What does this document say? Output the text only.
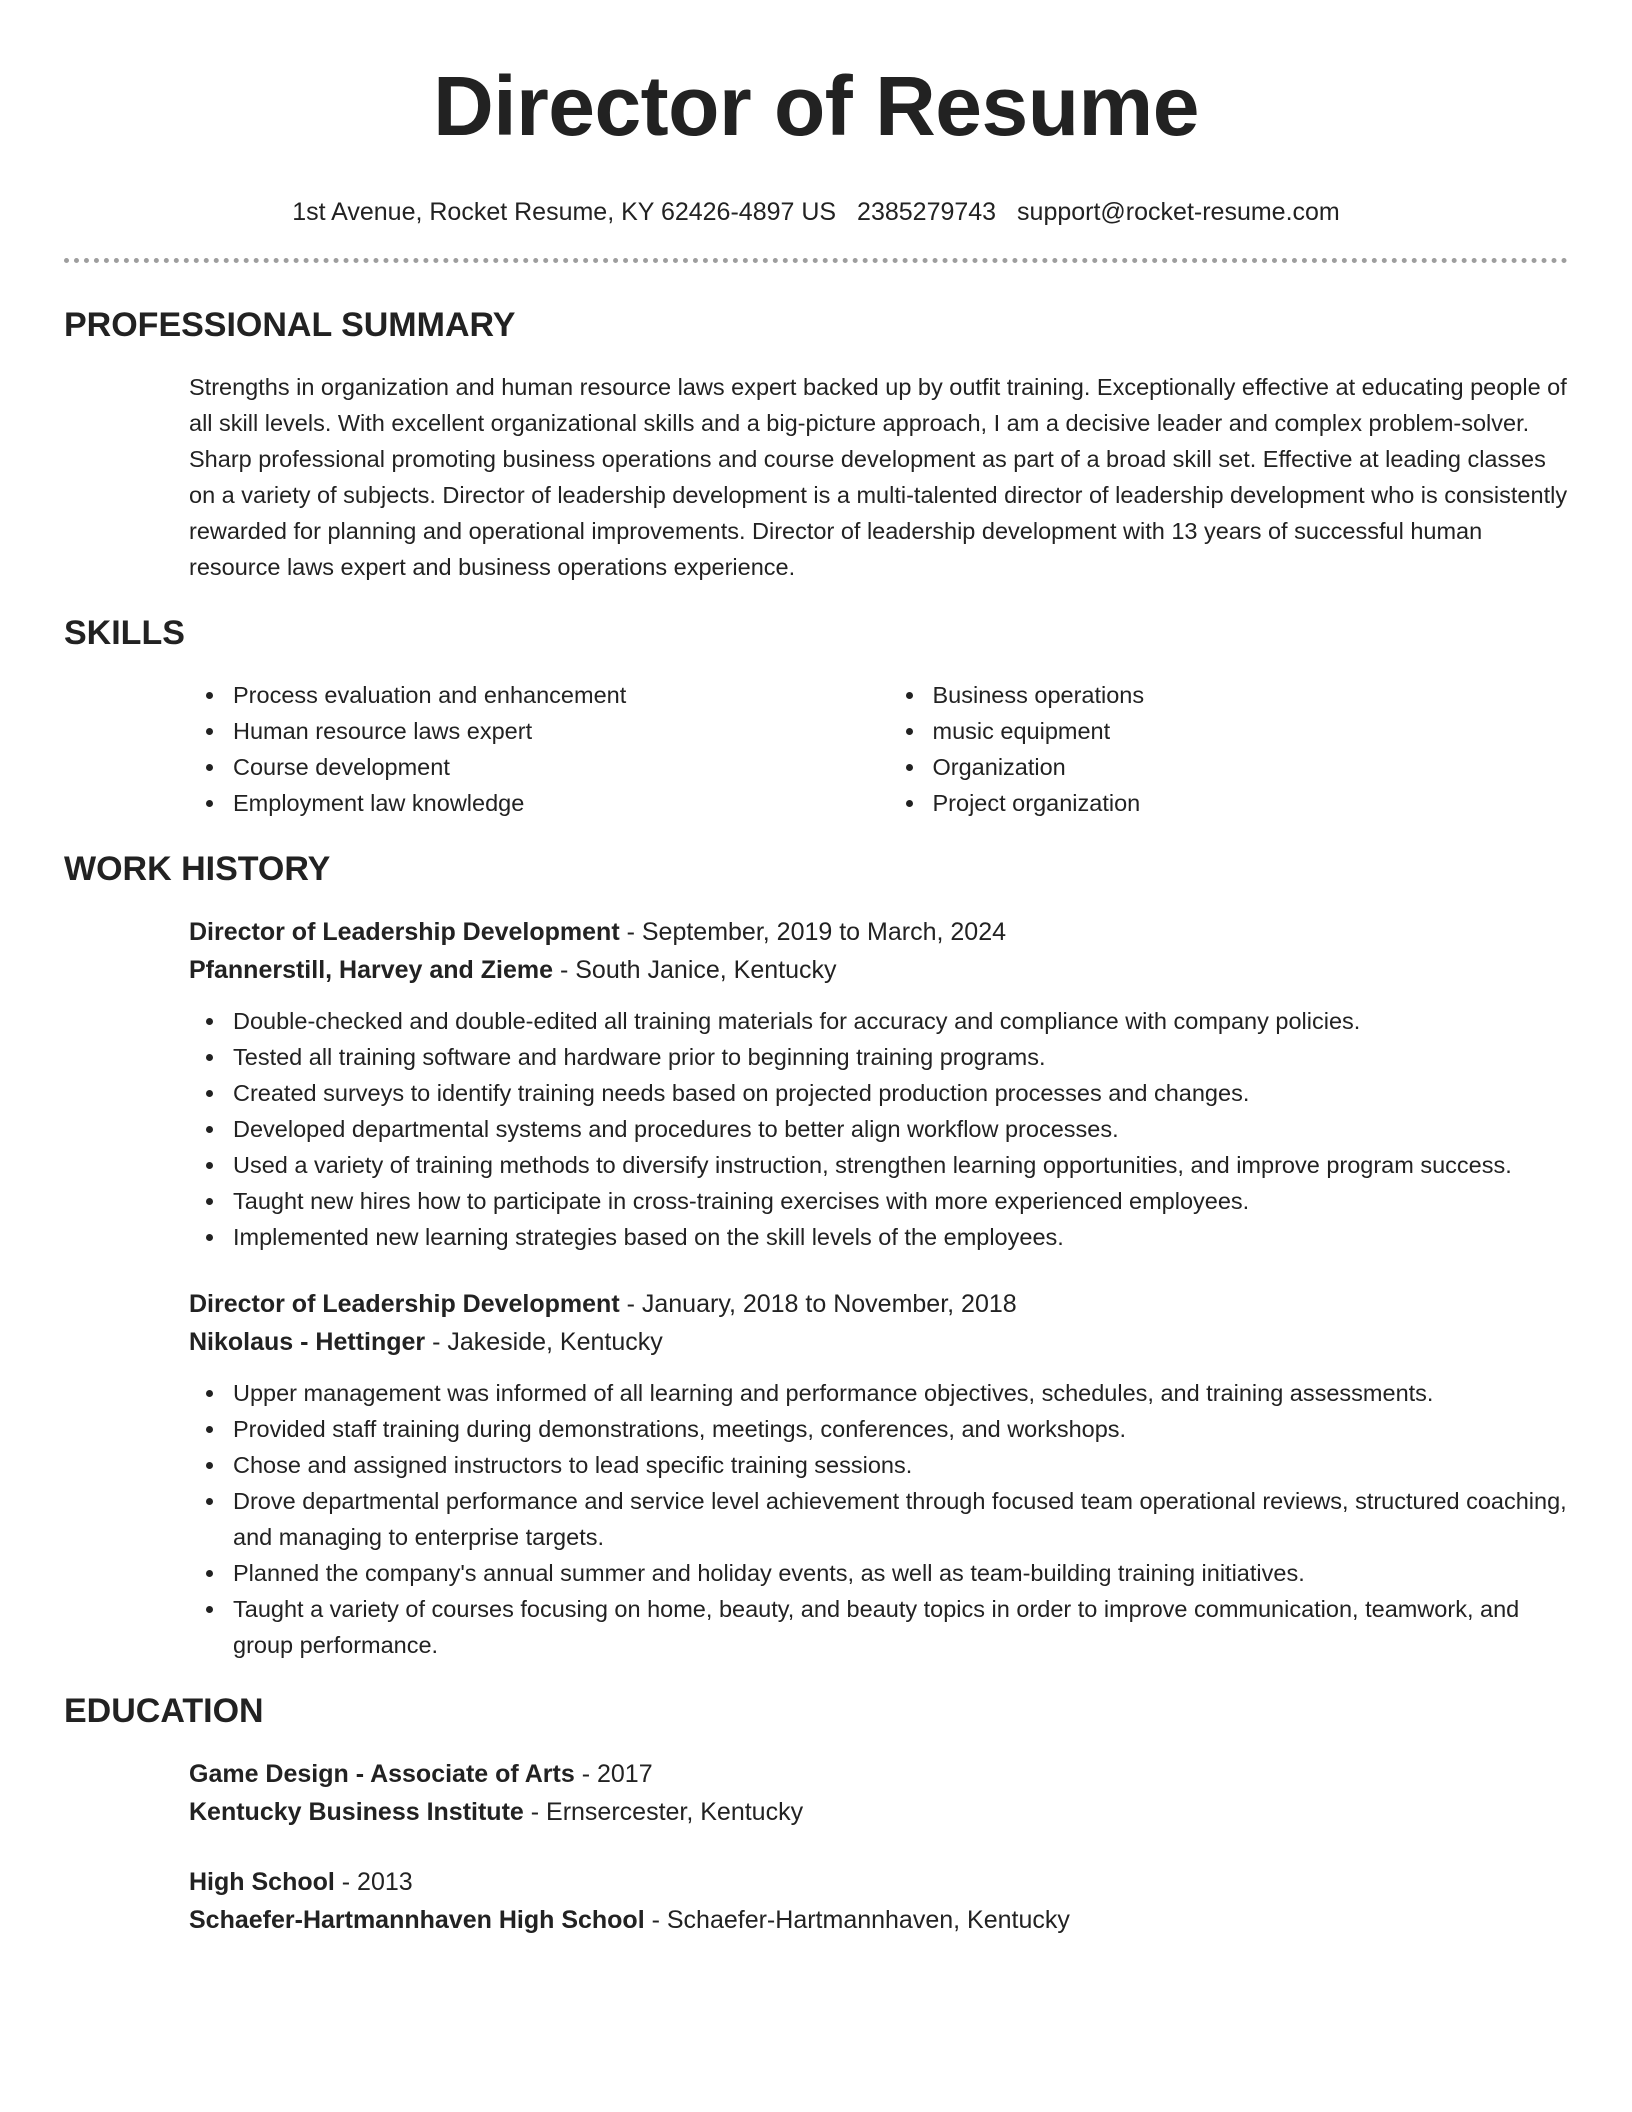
Director of Resume
1st Avenue, Rocket Resume, KY 62426-4897 US 2385279743 support@rocket-resume.com
PROFESSIONAL SUMMARY

Strengths in organization and human resource laws expert backed up by outfit training. Exceptionally effective at educating people of all skill levels. With excellent organizational skills and a big-picture approach, I am a decisive leader and complex problem-solver. Sharp professional promoting business operations and course development as part of a broad skill set. Effective at leading classes on a variety of subjects. Director of leadership development is a multi-talented director of leadership development who is consistently rewarded for planning and operational improvements. Director of leadership development with 13 years of successful human resource laws expert and business operations experience.

SKILLS
Process evaluation and enhancement
Human resource laws expert
Course development
Employment law knowledge
Business operations
music equipment
Organization
Project organization
WORK HISTORY
Director of Leadership Development - September, 2019 to March, 2024
Pfannerstill, Harvey and Zieme - South Janice, Kentucky
Double-checked and double-edited all training materials for accuracy and compliance with company policies.
Tested all training software and hardware prior to beginning training programs.
Created surveys to identify training needs based on projected production processes and changes.
Developed departmental systems and procedures to better align workflow processes.
Used a variety of training methods to diversify instruction, strengthen learning opportunities, and improve program success.
Taught new hires how to participate in cross-training exercises with more experienced employees.
Implemented new learning strategies based on the skill levels of the employees.
Director of Leadership Development - January, 2018 to November, 2018
Nikolaus - Hettinger - Jakeside, Kentucky
Upper management was informed of all learning and performance objectives, schedules, and training assessments.
Provided staff training during demonstrations, meetings, conferences, and workshops.
Chose and assigned instructors to lead specific training sessions.
Drove departmental performance and service level achievement through focused team operational reviews, structured coaching, and managing to enterprise targets.
Planned the company's annual summer and holiday events, as well as team-building training initiatives.
Taught a variety of courses focusing on home, beauty, and beauty topics in order to improve communication, teamwork, and group performance.
EDUCATION
Game Design - Associate of Arts - 2017
Kentucky Business Institute - Ernsercester, Kentucky
High School - 2013
Schaefer-Hartmannhaven High School - Schaefer-Hartmannhaven, Kentucky
